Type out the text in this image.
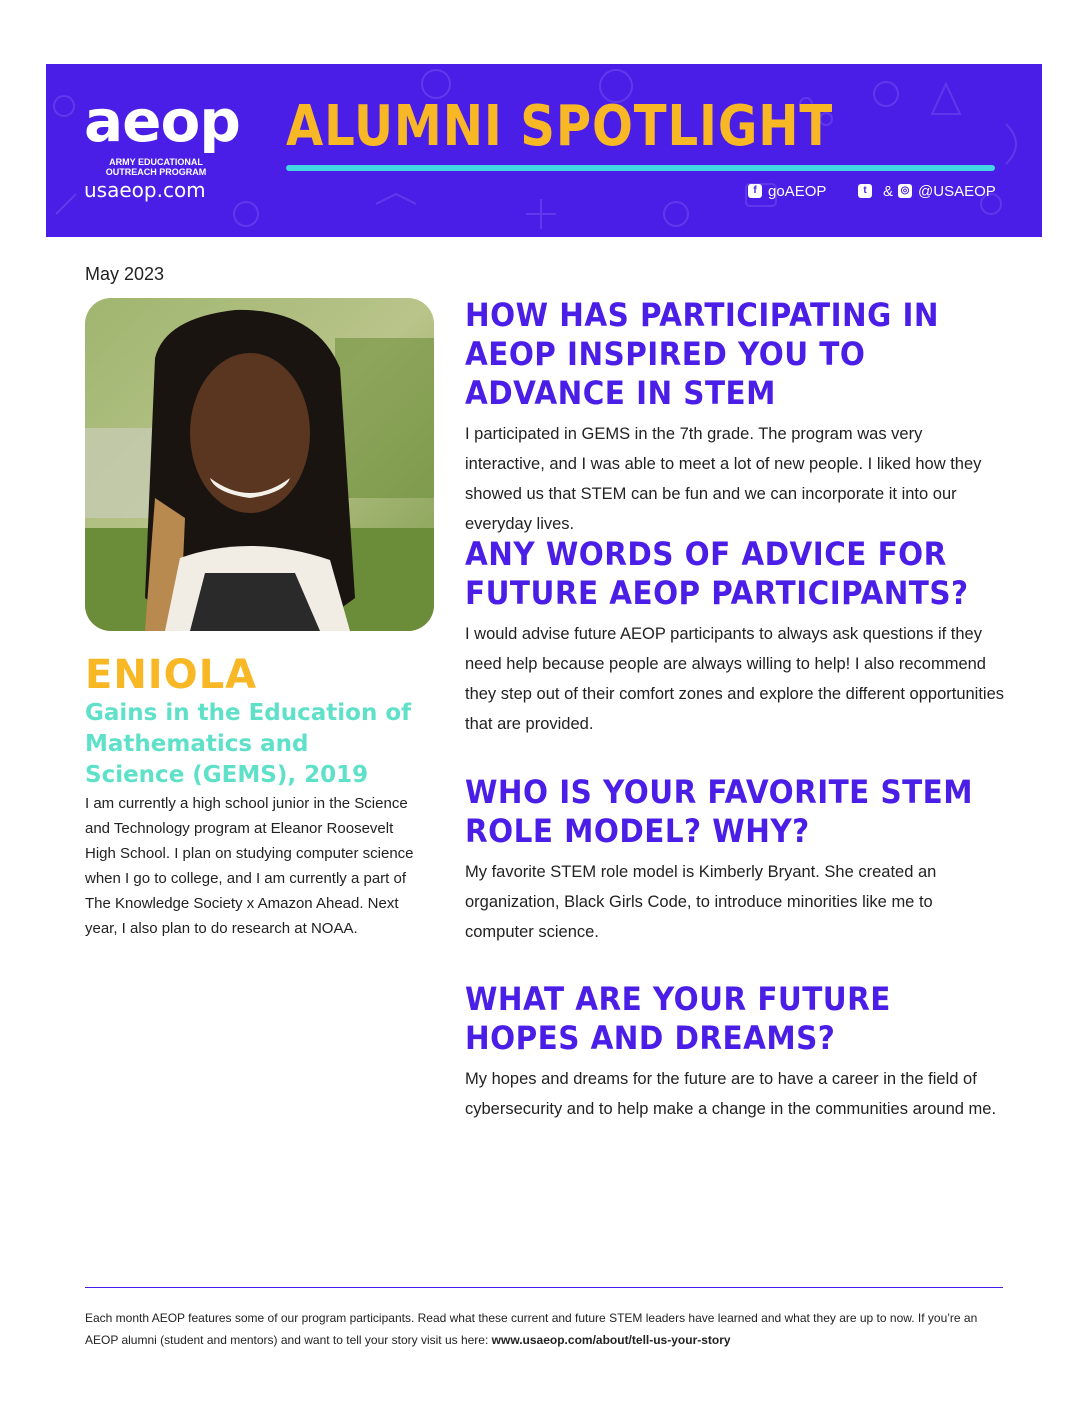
aeop
ARMY EDUCATIONAL
OUTREACH PROGRAM
usaeop.com
ALUMNI SPOTLIGHT
f goAEOP	t	& ◎ @USAEOP
May 2023
ENIOLA
Gains in the Education of Mathematics and Science (GEMS), 2019
I am currently a high school junior in the Science and Technology program at Eleanor Roosevelt High School. I plan on studying computer science when I go to college, and I am currently a part of The Knowledge Society x Amazon Ahead. Next year, I also plan to do research at NOAA.
HOW HAS PARTICIPATING IN AEOP INSPIRED YOU TO ADVANCE IN STEM

I participated in GEMS in the 7th grade. The program was very interactive, and I was able to meet a lot of new people. I liked how they showed us that STEM can be fun and we can incorporate it into our everyday lives.

ANY WORDS OF ADVICE FOR FUTURE AEOP PARTICIPANTS?

I would advise future AEOP participants to always ask questions if they need help because people are always willing to help! I also recommend they step out of their comfort zones and explore the different opportunities that are provided.

WHO IS YOUR FAVORITE STEM ROLE MODEL? WHY?

My favorite STEM role model is Kimberly Bryant. She created an organization, Black Girls Code, to introduce minorities like me to computer science.

WHAT ARE YOUR FUTURE HOPES AND DREAMS?

My hopes and dreams for the future are to have a career in the field of cybersecurity and to help make a change in the communities around me.

Each month AEOP features some of our program participants. Read what these current and future STEM leaders have learned and what they are up to now. If you’re an AEOP alumni (student and mentors) and want to tell your story visit us here: www.usaeop.com/about/tell-us-your-story
